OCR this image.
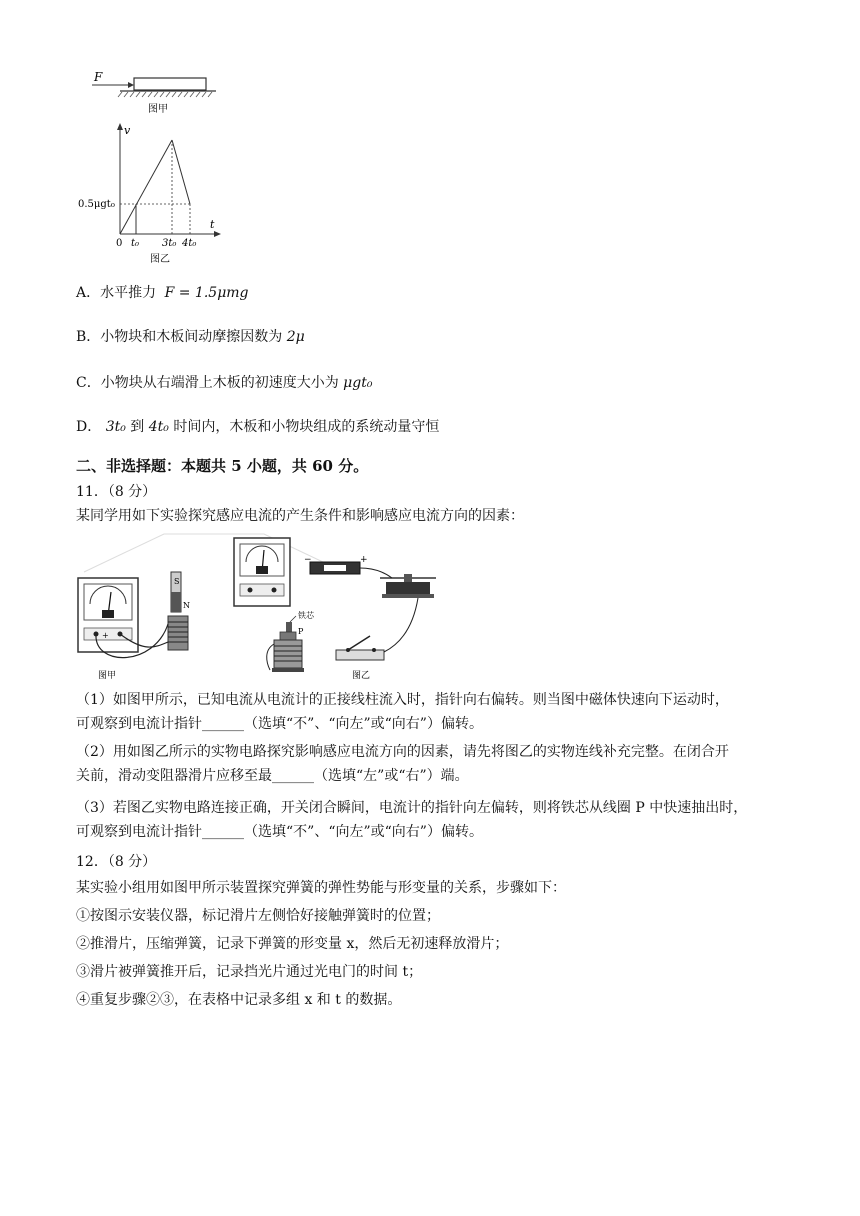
F
图甲
v
t
0.5μgt₀
0 t₀ 3t₀ 4t₀
图乙
A．水平推力 F = 1.5μmg
B．小物块和木板间动摩擦因数为 2μ
C．小物块从右端滑上木板的初速度大小为 μgt₀
D． 3t₀ 到 4t₀ 时间内，木板和小物块组成的系统动量守恒
二、非选择题：本题共 5 小题，共 60 分。
11．（8 分）
某同学用如下实验探究感应电流的产生条件和影响感应电流方向的因素：
+
S
N
图甲
−	+
铁芯
P
图乙
（1）如图甲所示，已知电流从电流计的正接线柱流入时，指针向右偏转。则当图中磁体快速向下运动时，
可观察到电流计指针______（选填“不”、“向左”或“向右”）偏转。
（2）用如图乙所示的实物电路探究影响感应电流方向的因素，请先将图乙的实物连线补充完整。在闭合开
关前，滑动变阻器滑片应移至最______（选填“左”或“右”）端。
（3）若图乙实物电路连接正确，开关闭合瞬间，电流计的指针向左偏转，则将铁芯从线圈 P 中快速抽出时，
可观察到电流计指针______（选填“不”、“向左”或“向右”）偏转。
12．（8 分）
某实验小组用如图甲所示装置探究弹簧的弹性势能与形变量的关系，步骤如下：
①按图示安装仪器，标记滑片左侧恰好接触弹簧时的位置；
②推滑片，压缩弹簧，记录下弹簧的形变量 x，然后无初速释放滑片；
③滑片被弹簧推开后，记录挡光片通过光电门的时间 t；
④重复步骤②③，在表格中记录多组 x 和 t 的数据。
